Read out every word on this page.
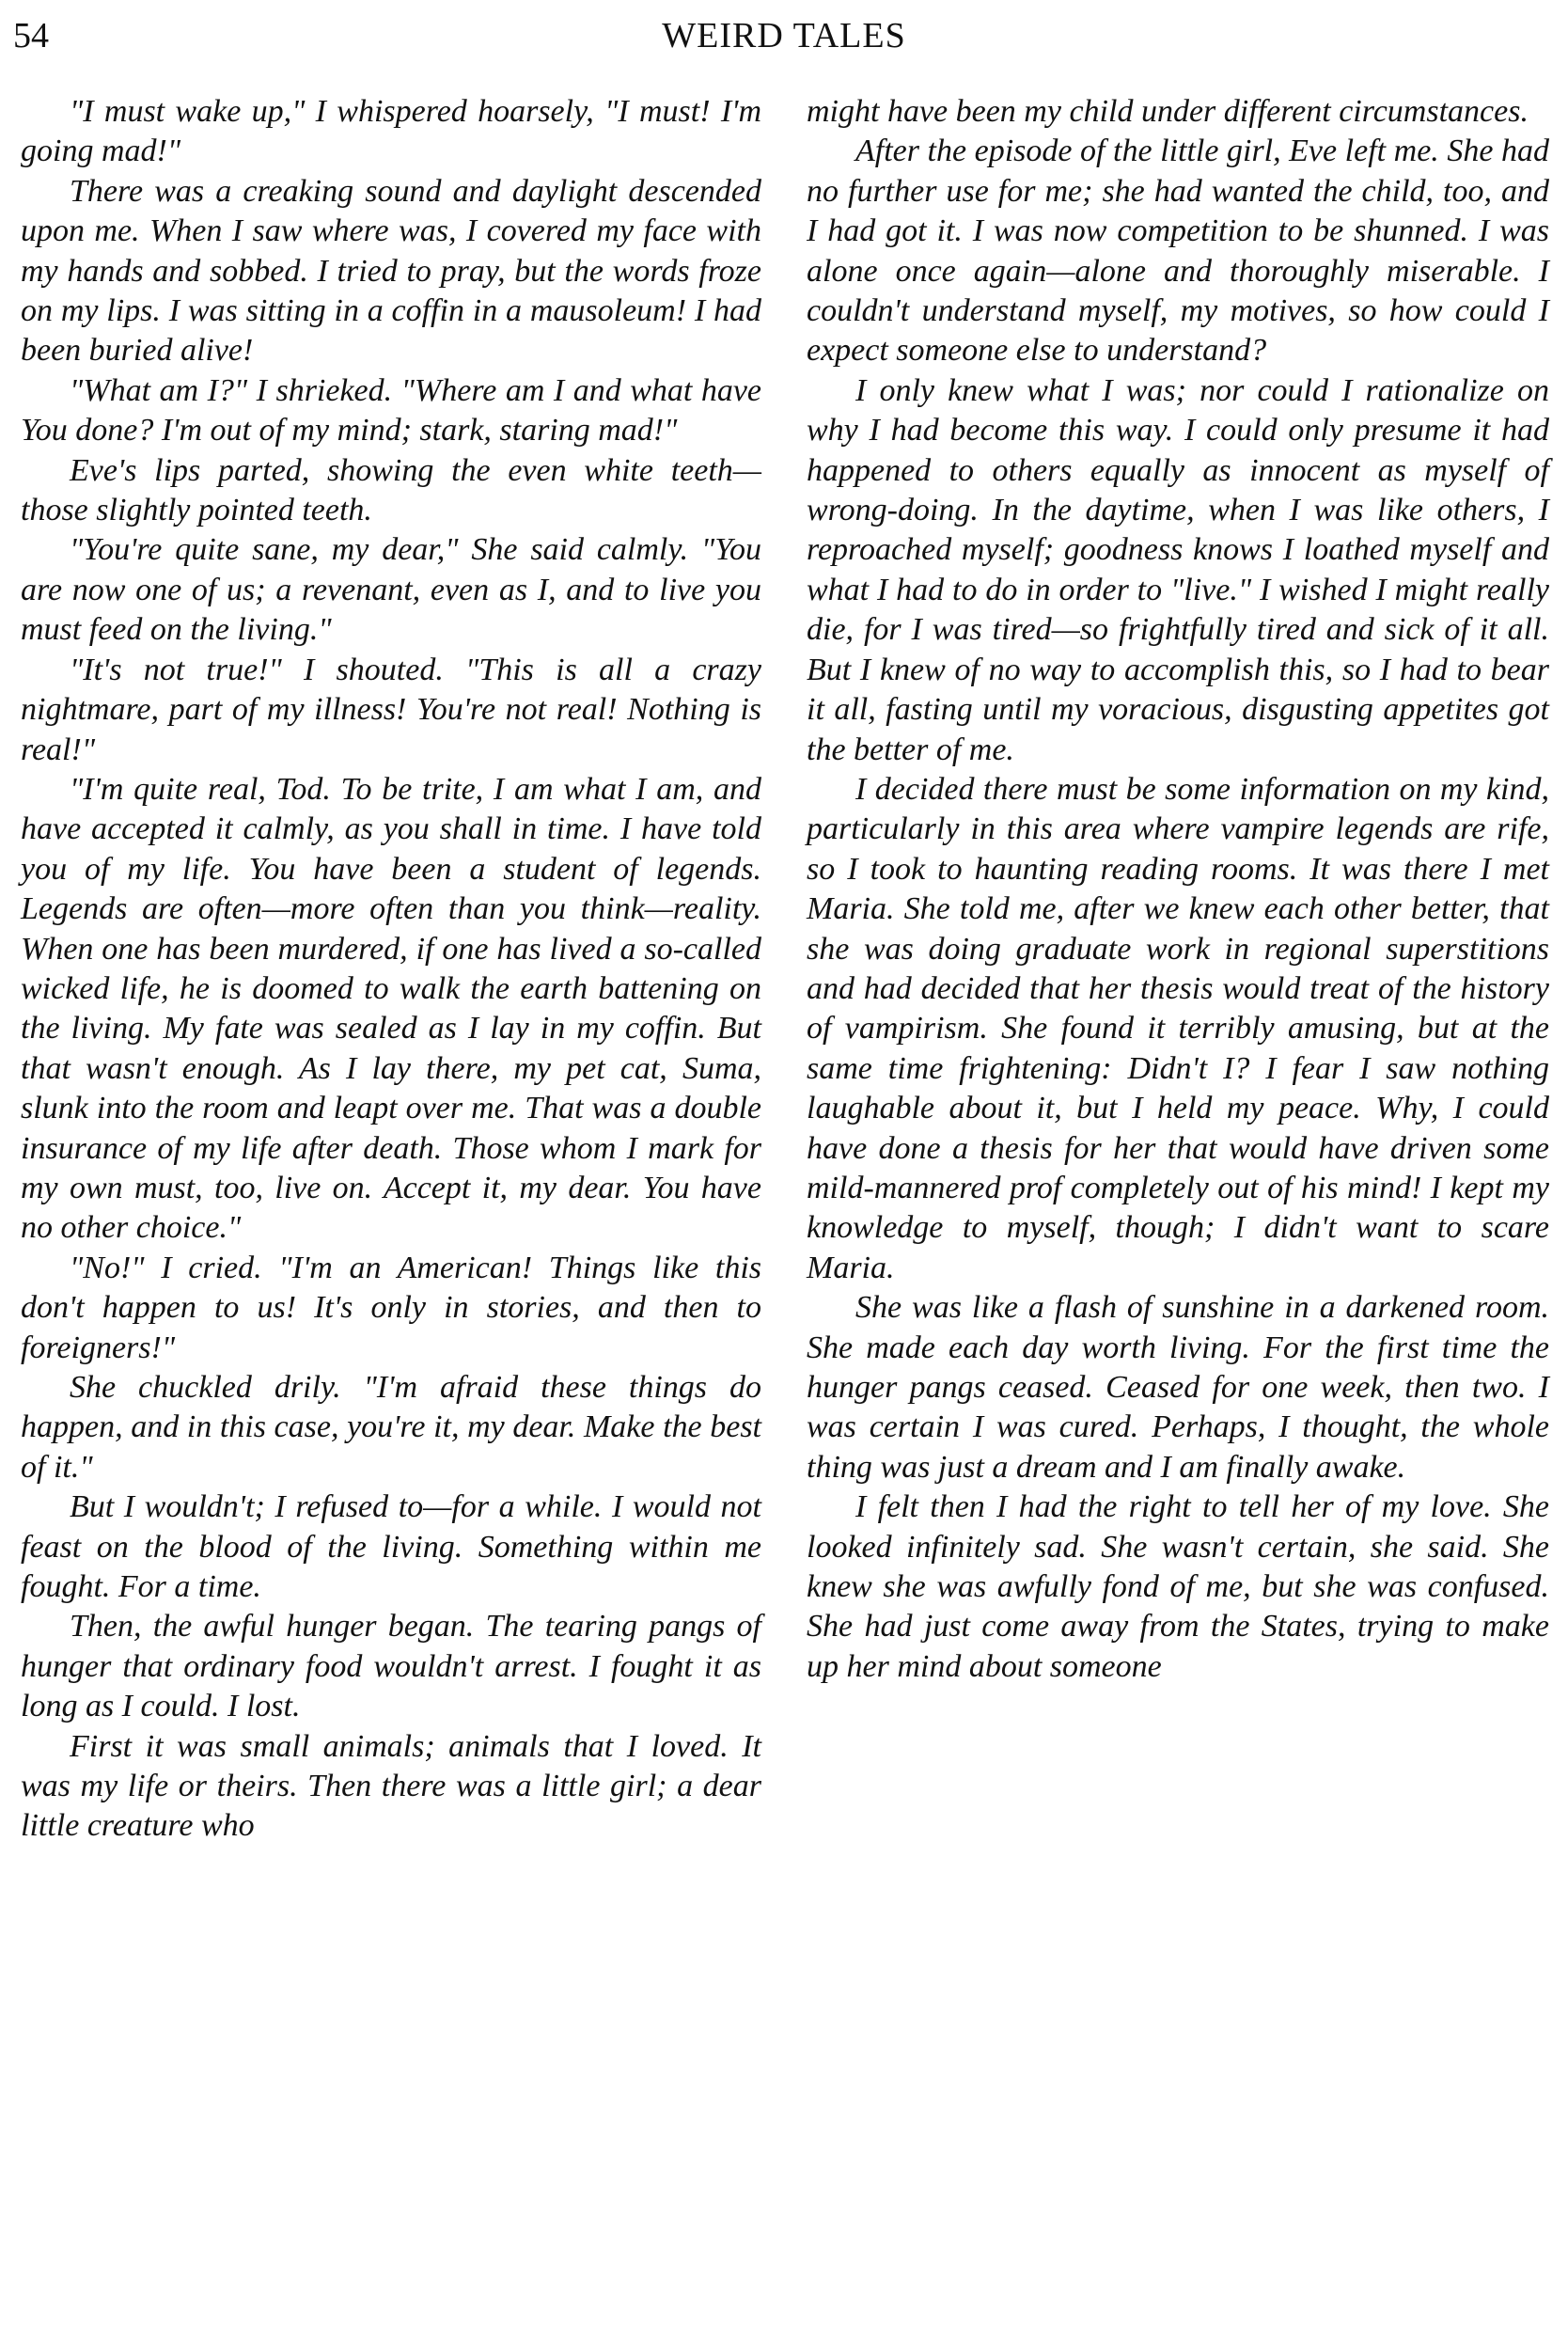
54	WEIRD TALES

"I must wake up," I whispered hoarsely, "I must! I'm going mad!"

There was a creaking sound and daylight descended upon me. When I saw where was, I covered my face with my hands and sobbed. I tried to pray, but the words froze on my lips. I was sitting in a coffin in a mausoleum! I had been buried alive!

"What am I?" I shrieked. "Where am I and what have You done? I'm out of my mind; stark, staring mad!"

Eve's lips parted, showing the even white teeth—those slightly pointed teeth.

"You're quite sane, my dear," She said calmly. "You are now one of us; a revenant, even as I, and to live you must feed on the living."

"It's not true!" I shouted. "This is all a crazy nightmare, part of my illness! You're not real! Nothing is real!"

"I'm quite real, Tod. To be trite, I am what I am, and have accepted it calmly, as you shall in time. I have told you of my life. You have been a student of legends. Legends are often—more often than you think—reality. When one has been murdered, if one has lived a so-called wicked life, he is doomed to walk the earth battening on the living. My fate was sealed as I lay in my coffin. But that wasn't enough. As I lay there, my pet cat, Suma, slunk into the room and leapt over me. That was a double insurance of my life after death. Those whom I mark for my own must, too, live on. Accept it, my dear. You have no other choice."

"No!" I cried. "I'm an American! Things like this don't happen to us! It's only in stories, and then to foreigners!"

She chuckled drily. "I'm afraid these things do happen, and in this case, you're it, my dear. Make the best of it."

But I wouldn't; I refused to—for a while. I would not feast on the blood of the living. Something within me fought. For a time.

Then, the awful hunger began. The tearing pangs of hunger that ordinary food wouldn't arrest. I fought it as long as I could. I lost.

First it was small animals; animals that I loved. It was my life or theirs. Then there was a little girl; a dear little creature who

might have been my child under different circumstances.

After the episode of the little girl, Eve left me. She had no further use for me; she had wanted the child, too, and I had got it. I was now competition to be shunned. I was alone once again—alone and thoroughly miserable. I couldn't understand myself, my motives, so how could I expect someone else to understand?

I only knew what I was; nor could I rationalize on why I had become this way. I could only presume it had happened to others equally as innocent as myself of wrong-doing. In the daytime, when I was like others, I reproached myself; goodness knows I loathed myself and what I had to do in order to "live." I wished I might really die, for I was tired—so frightfully tired and sick of it all. But I knew of no way to accomplish this, so I had to bear it all, fasting until my voracious, disgusting appetites got the better of me.

I decided there must be some information on my kind, particularly in this area where vampire legends are rife, so I took to haunting reading rooms. It was there I met Maria. She told me, after we knew each other better, that she was doing graduate work in regional superstitions and had decided that her thesis would treat of the history of vampirism. She found it terribly amusing, but at the same time frightening: Didn't I? I fear I saw nothing laughable about it, but I held my peace. Why, I could have done a thesis for her that would have driven some mild-mannered prof completely out of his mind! I kept my knowledge to myself, though; I didn't want to scare Maria.

She was like a flash of sunshine in a darkened room. She made each day worth living. For the first time the hunger pangs ceased. Ceased for one week, then two. I was certain I was cured. Perhaps, I thought, the whole thing was just a dream and I am finally awake.

I felt then I had the right to tell her of my love. She looked infinitely sad. She wasn't certain, she said. She knew she was awfully fond of me, but she was confused. She had just come away from the States, trying to make up her mind about someone
